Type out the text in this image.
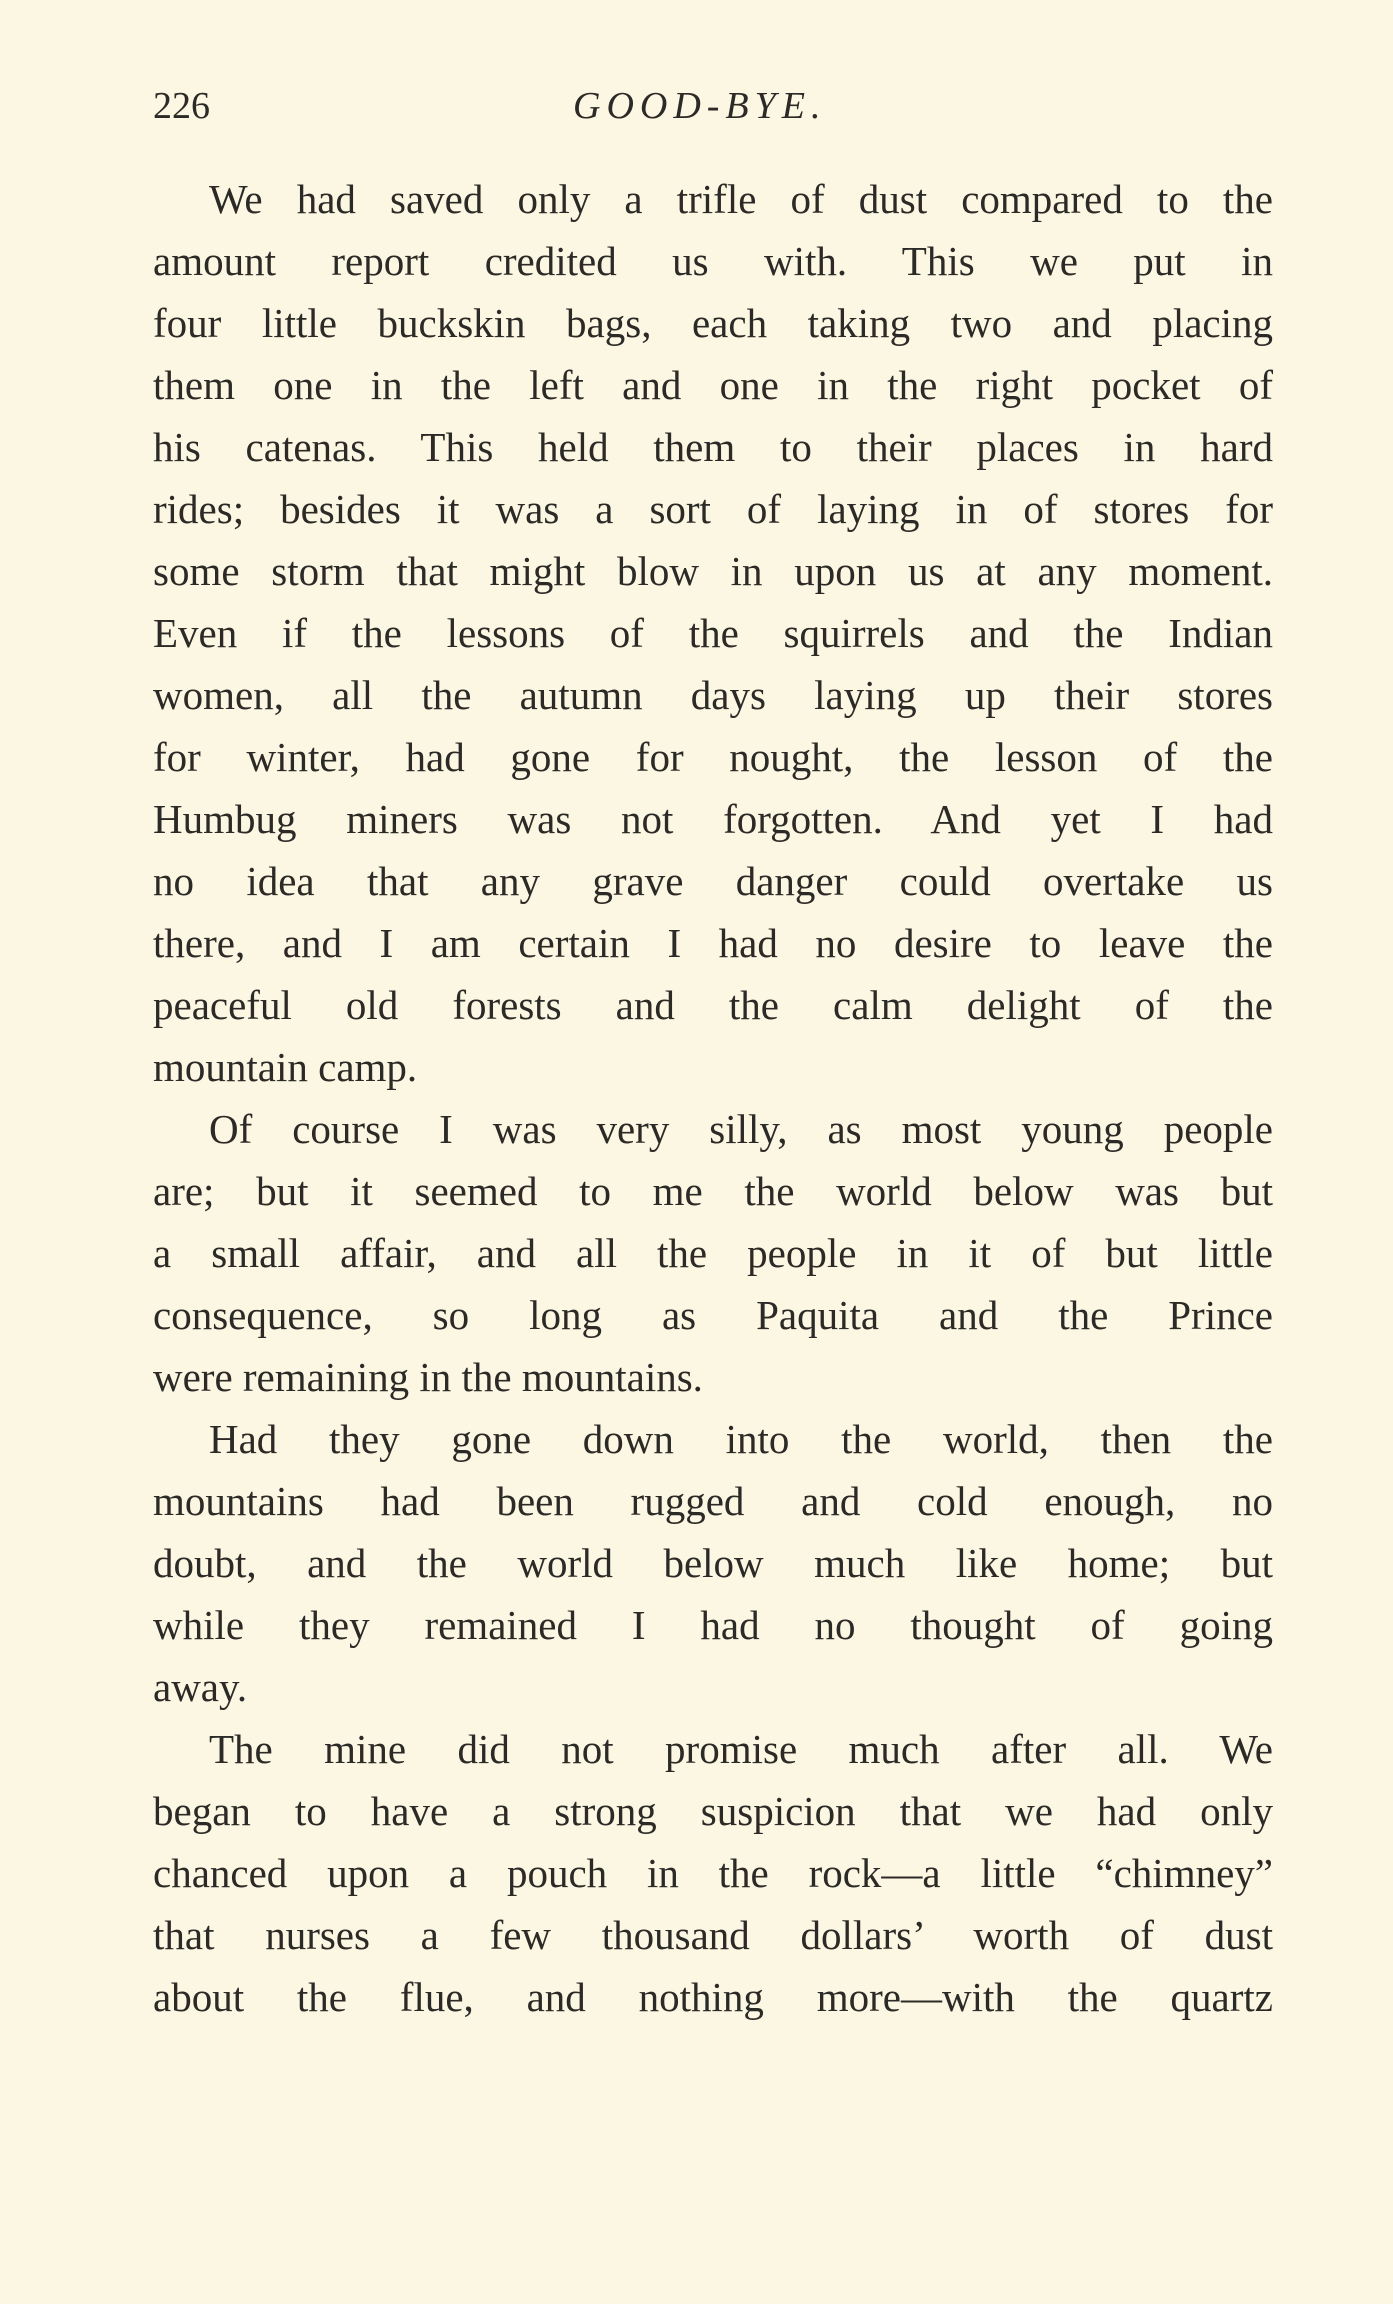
226	GOOD-BYE.

We had saved only a trifle of dust compared to the
amount report credited us with. This we put in
four little buckskin bags, each taking two and placing
them one in the left and one in the right pocket of
his catenas. This held them to their places in hard
rides; besides it was a sort of laying in of stores for
some storm that might blow in upon us at any moment.
Even if the lessons of the squirrels and the Indian
women, all the autumn days laying up their stores
for winter, had gone for nought, the lesson of the
Humbug miners was not forgotten. And yet I had
no idea that any grave danger could overtake us
there, and I am certain I had no desire to leave the
peaceful old forests and the calm delight of the
mountain camp.

Of course I was very silly, as most young people
are; but it seemed to me the world below was but
a small affair, and all the people in it of but little
consequence, so long as Paquita and the Prince
were remaining in the mountains.

Had they gone down into the world, then the
mountains had been rugged and cold enough, no
doubt, and the world below much like home; but
while they remained I had no thought of going
away.

The mine did not promise much after all. We
began to have a strong suspicion that we had only
chanced upon a pouch in the rock—a little “chimney”
that nurses a few thousand dollars’ worth of dust
about the flue, and nothing more—with the quartz
